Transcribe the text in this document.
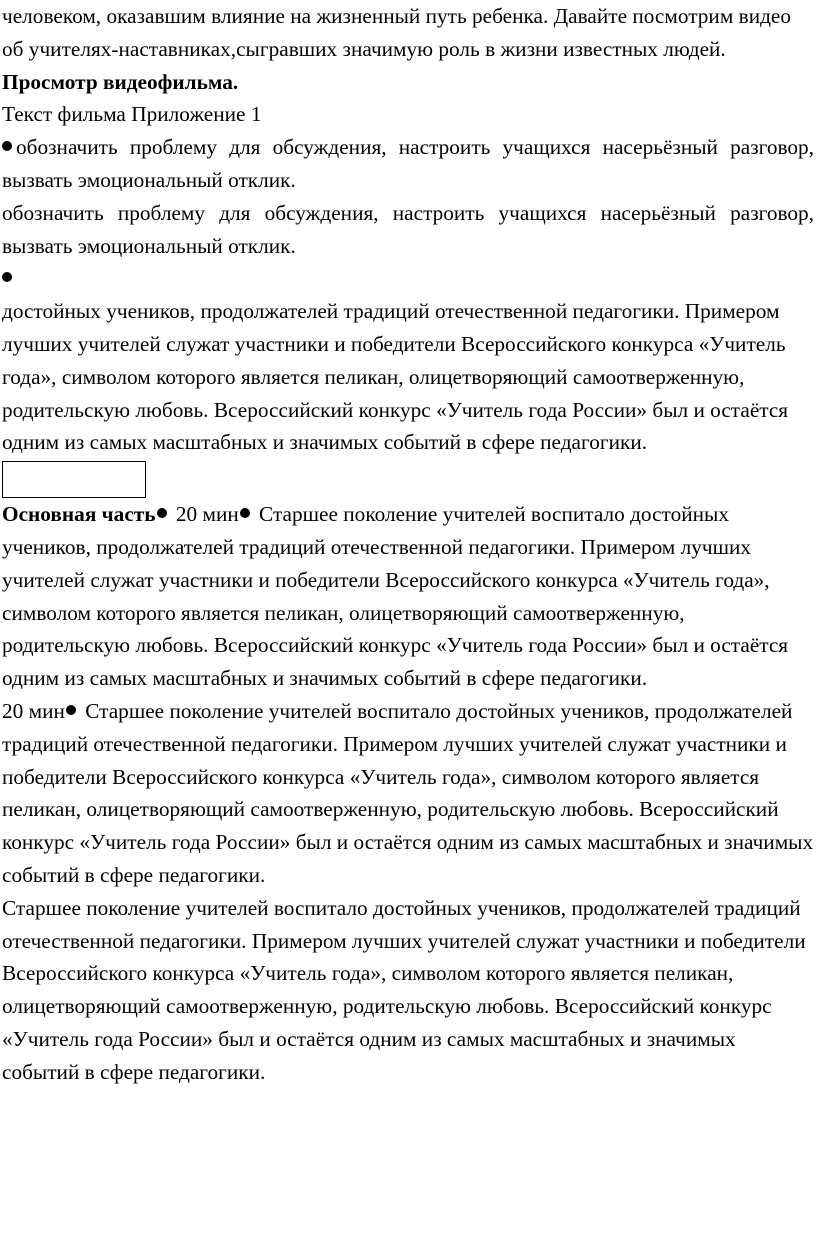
человеком, оказавшим влияние на жизненный путь ребенка. Давайте посмотрим видео об учителях-наставниках,сыгравших значимую роль в жизни известных людей.

Просмотр видеофильма.

Текст фильма Приложение 1

обозначить проблему для обсуждения, настроить учащихся насерьёзный разговор, вызвать эмоциональный отклик.

обозначить проблему для обсуждения, настроить учащихся насерьёзный разговор, вызвать эмоциональный отклик.

достойных учеников, продолжателей традиций отечественной педагогики. Примером лучших учителей служат участники и победители Всероссийского конкурса «Учитель года», символом которого является пеликан, олицетворяющий самоотверженную, родительскую любовь. Всероссийский конкурс «Учитель года России» был и остаётся одним из самых масштабных и значимых событий в сфере педагогики.

Основная часть 20 мин Старшее поколение учителей воспитало достойных учеников, продолжателей традиций отечественной педагогики. Примером лучших учителей служат участники и победители Всероссийского конкурса «Учитель года», символом которого является пеликан, олицетворяющий самоотверженную, родительскую любовь. Всероссийский конкурс «Учитель года России» был и остаётся одним из самых масштабных и значимых событий в сфере педагогики.

20 мин Старшее поколение учителей воспитало достойных учеников, продолжателей традиций отечественной педагогики. Примером лучших учителей служат участники и победители Всероссийского конкурса «Учитель года», символом которого является пеликан, олицетворяющий самоотверженную, родительскую любовь. Всероссийский конкурс «Учитель года России» был и остаётся одним из самых масштабных и значимых событий в сфере педагогики.

Старшее поколение учителей воспитало достойных учеников, продолжателей традиций отечественной педагогики. Примером лучших учителей служат участники и победители Всероссийского конкурса «Учитель года», символом которого является пеликан, олицетворяющий самоотверженную, родительскую любовь. Всероссийский конкурс «Учитель года России» был и остаётся одним из самых масштабных и значимых событий в сфере педагогики.
